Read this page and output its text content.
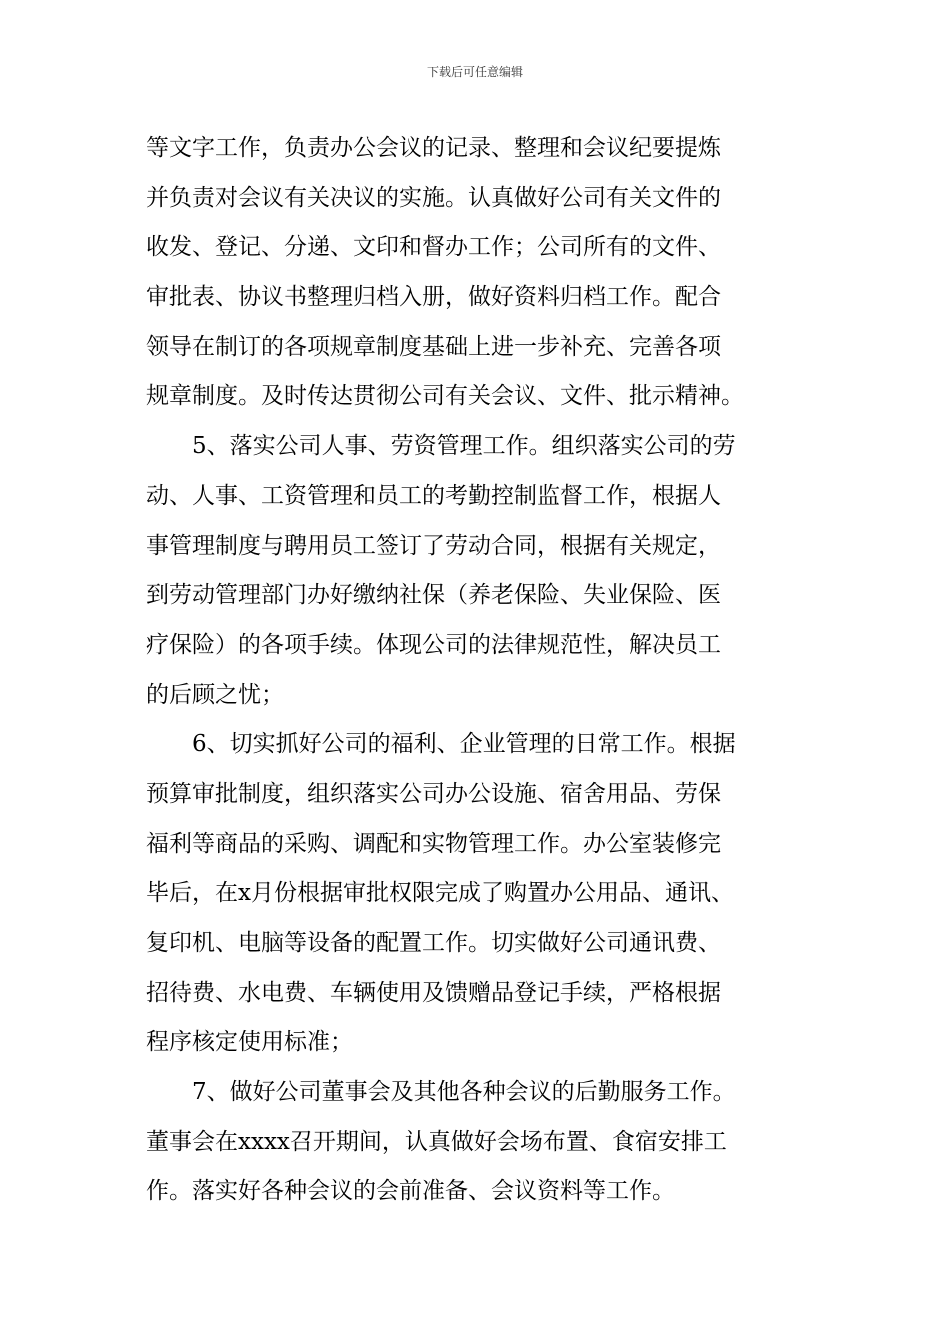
下载后可任意编辑
等文字工作，负责办公会议的记录、整理和会议纪要提炼
并负责对会议有关决议的实施。认真做好公司有关文件的
收发、登记、分递、文印和督办工作；公司所有的文件、
审批表、协议书整理归档入册，做好资料归档工作。配合
领导在制订的各项规章制度基础上进一步补充、完善各项
规章制度。及时传达贯彻公司有关会议、文件、批示精神。
5、落实公司人事、劳资管理工作。组织落实公司的劳
动、人事、工资管理和员工的考勤控制监督工作，根据人
事管理制度与聘用员工签订了劳动合同，根据有关规定，
到劳动管理部门办好缴纳社保（养老保险、失业保险、医
疗保险）的各项手续。体现公司的法律规范性，解决员工
的后顾之忧；
6、切实抓好公司的福利、企业管理的日常工作。根据
预算审批制度，组织落实公司办公设施、宿舍用品、劳保
福利等商品的采购、调配和实物管理工作。办公室装修完
毕后，在x月份根据审批权限完成了购置办公用品、通讯、
复印机、电脑等设备的配置工作。切实做好公司通讯费、
招待费、水电费、车辆使用及馈赠品登记手续，严格根据
程序核定使用标准；
7、做好公司董事会及其他各种会议的后勤服务工作。
董事会在xxxx召开期间，认真做好会场布置、食宿安排工
作。落实好各种会议的会前准备、会议资料等工作。
